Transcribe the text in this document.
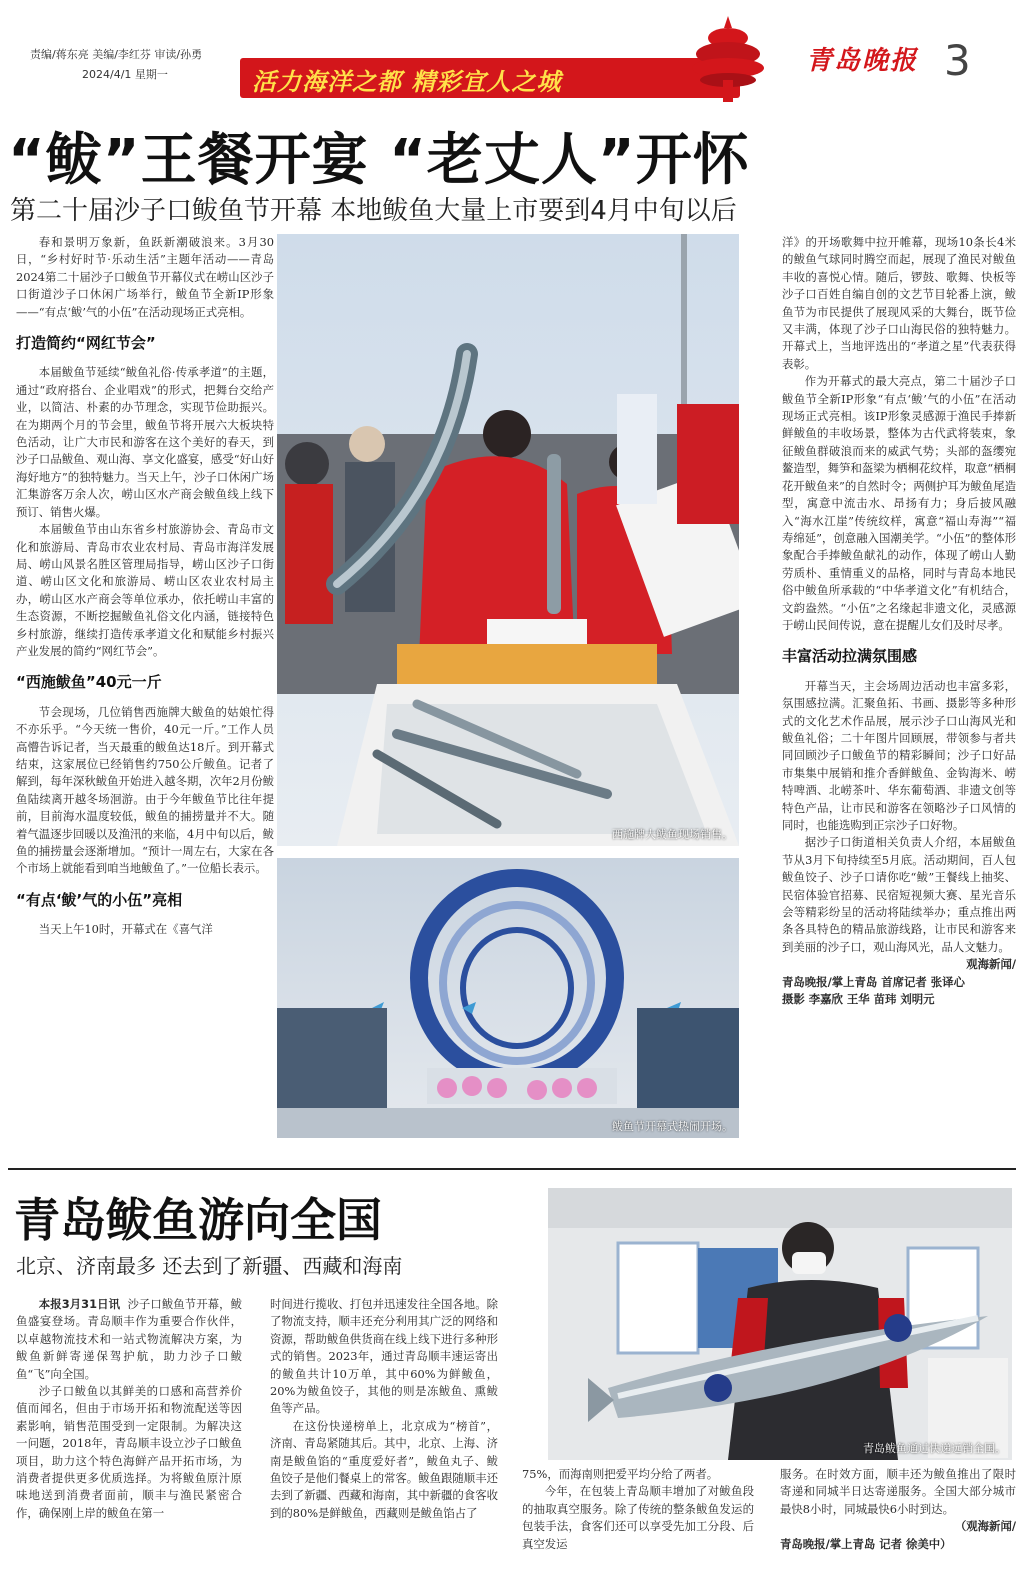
责编/蒋东亮 美编/李红芬 审读/孙勇
2024/4/1 星期一	活力海洋之都 精彩宜人之城
青岛晚报 3
“鲅”王餐开宴 “老丈人”开怀
第二十届沙子口鲅鱼节开幕 本地鲅鱼大量上市要到4月中旬以后

春和景明万象新，鱼跃新潮破浪来。3月30日，“乡村好时节·乐动生活”主题年活动——青岛2024第二十届沙子口鲅鱼节开幕仪式在崂山区沙子口街道沙子口休闲广场举行，鲅鱼节全新IP形象——“有点‘鲅’气的小伍”在活动现场正式亮相。

打造简约“网红节会”

本届鲅鱼节延续“鲅鱼礼俗·传承孝道”的主题，通过“政府搭台、企业唱戏”的形式，把舞台交给产业，以简洁、朴素的办节理念，实现节俭助振兴。在为期两个月的节会里，鲅鱼节将开展六大板块特色活动，让广大市民和游客在这个美好的春天，到沙子口品鲅鱼、观山海、享文化盛宴，感受“好山好海好地方”的独特魅力。当天上午，沙子口休闲广场汇集游客万余人次，崂山区水产商会鲅鱼线上线下预订、销售火爆。

本届鲅鱼节由山东省乡村旅游协会、青岛市文化和旅游局、青岛市农业农村局、青岛市海洋发展局、崂山风景名胜区管理局指导，崂山区沙子口街道、崂山区文化和旅游局、崂山区农业农村局主办，崂山区水产商会等单位承办，依托崂山丰富的生态资源，不断挖掘鲅鱼礼俗文化内涵，链接特色乡村旅游，继续打造传承孝道文化和赋能乡村振兴产业发展的简约“网红节会”。

“西施鲅鱼”40元一斤

节会现场，几位销售西施牌大鲅鱼的姑娘忙得不亦乐乎。“今天统一售价，40元一斤。”工作人员高懵告诉记者，当天最重的鲅鱼达18斤。到开幕式结束，这家展位已经销售约750公斤鲅鱼。记者了解到，每年深秋鲅鱼开始进入越冬期，次年2月份鲅鱼陆续离开越冬场洄游。由于今年鲅鱼节比往年提前，目前海水温度较低，鲅鱼的捕捞量并不大。随着气温逐步回暖以及渔汛的来临，4月中旬以后，鲅鱼的捕捞量会逐渐增加。“预计一周左右，大家在各个市场上就能看到咱当地鲅鱼了。”一位船长表示。

“有点‘鲅’气的小伍”亮相

当天上午10时，开幕式在《喜气洋

西施牌大鲅鱼现场销售。
鲅鱼节开幕式热闹开场。

洋》的开场歌舞中拉开帷幕，现场10条长4米的鲅鱼气球同时腾空而起，展现了渔民对鲅鱼丰收的喜悦心情。随后，锣鼓、歌舞、快板等沙子口百姓自编自创的文艺节目轮番上演，鲅鱼节为市民提供了展现风采的大舞台，既节俭又丰满，体现了沙子口山海民俗的独特魅力。开幕式上，当地评选出的“孝道之星”代表获得表彰。

作为开幕式的最大亮点，第二十届沙子口鲅鱼节全新IP形象“有点‘鲅’气的小伍”在活动现场正式亮相。该IP形象灵感源于渔民手捧新鲜鲅鱼的丰收场景，整体为古代武将装束，象征鲅鱼群破浪而来的威武气势；头部的盔缨宛鳌造型，舞笋和盔梁为栖桐花纹样，取意“栖桐花开鲅鱼来”的自然时令；两侧护耳为鲅鱼尾造型，寓意中流击水、昂扬有力；身后披风融入“海水江崖”传统纹样，寓意“福山寿海”“福寿绵延”，创意融入国潮美学。“小伍”的整体形象配合手捧鲅鱼献礼的动作，体现了崂山人勤劳质朴、重情重义的品格，同时与青岛本地民俗中鲅鱼所承载的“中华孝道文化”有机结合，文韵盎然。“小伍”之名缘起非遗文化，灵感源于崂山民间传说，意在提醒儿女们及时尽孝。

丰富活动拉满氛围感

开幕当天，主会场周边活动也丰富多彩，氛围感拉满。汇聚鱼拓、书画、摄影等多种形式的文化艺术作品展，展示沙子口山海风光和鲅鱼礼俗；二十年图片回顾展，带领参与者共同回顾沙子口鲅鱼节的精彩瞬间；沙子口好品市集集中展销和推介香鲜鲅鱼、金钩海米、崂特啤酒、北崂茶叶、华东葡萄酒、非遗文创等特色产品，让市民和游客在领略沙子口风情的同时，也能选购到正宗沙子口好物。

据沙子口街道相关负责人介绍，本届鲅鱼节从3月下旬持续至5月底。活动期间，百人包鲅鱼饺子、沙子口请你吃“鲅”王餐线上抽奖、民宿体验官招募、民宿短视频大赛、星光音乐会等精彩纷呈的活动将陆续举办；重点推出两条各具特色的精品旅游线路，让市民和游客来到美丽的沙子口，观山海风光，品人文魅力。

观海新闻/

青岛晚报/掌上青岛 首席记者 张译心

摄影 李嘉欣 王华 苗玮 刘明元

青岛鲅鱼游向全国
北京、济南最多 还去到了新疆、西藏和海南
青岛鲅鱼通过快递远销全国。

本报3月31日讯 沙子口鲅鱼节开幕，鲅鱼盛宴登场。青岛顺丰作为重要合作伙伴，以卓越物流技术和一站式物流解决方案，为鲅鱼新鲜寄递保驾护航，助力沙子口鲅鱼“飞”向全国。

沙子口鲅鱼以其鲜美的口感和高营养价值而闻名，但由于市场开拓和物流配送等因素影响，销售范围受到一定限制。为解决这一问题，2018年，青岛顺丰设立沙子口鲅鱼项目，助力这个特色海鲜产品开拓市场，为消费者提供更多优质选择。为将鲅鱼原汁原味地送到消费者面前，顺丰与渔民紧密合作，确保刚上岸的鲅鱼在第一

时间进行揽收、打包并迅速发往全国各地。除了物流支持，顺丰还充分利用其广泛的网络和资源，帮助鲅鱼供货商在线上线下进行多种形式的销售。2023年，通过青岛顺丰速运寄出的鲅鱼共计10万单，其中60%为鲜鲅鱼，20%为鲅鱼饺子，其他的则是冻鲅鱼、熏鲅鱼等产品。

在这份快递榜单上，北京成为“榜首”，济南、青岛紧随其后。其中，北京、上海、济南是鲅鱼馅的“重度爱好者”，鲅鱼丸子、鲅鱼饺子是他们餐桌上的常客。鲅鱼跟随顺丰还去到了新疆、西藏和海南，其中新疆的食客收到的80%是鲜鲅鱼，西藏则是鲅鱼馅占了

75%，而海南则把爱平均分给了两者。

今年，在包装上青岛顺丰增加了对鲅鱼段的抽取真空服务。除了传统的整条鲅鱼发运的包装手法，食客们还可以享受先加工分段、后真空发运

服务。在时效方面，顺丰还为鲅鱼推出了限时寄递和同城半日达寄递服务。全国大部分城市最快8小时，同城最快6小时到达。

（观海新闻/

青岛晚报/掌上青岛 记者 徐美中）
